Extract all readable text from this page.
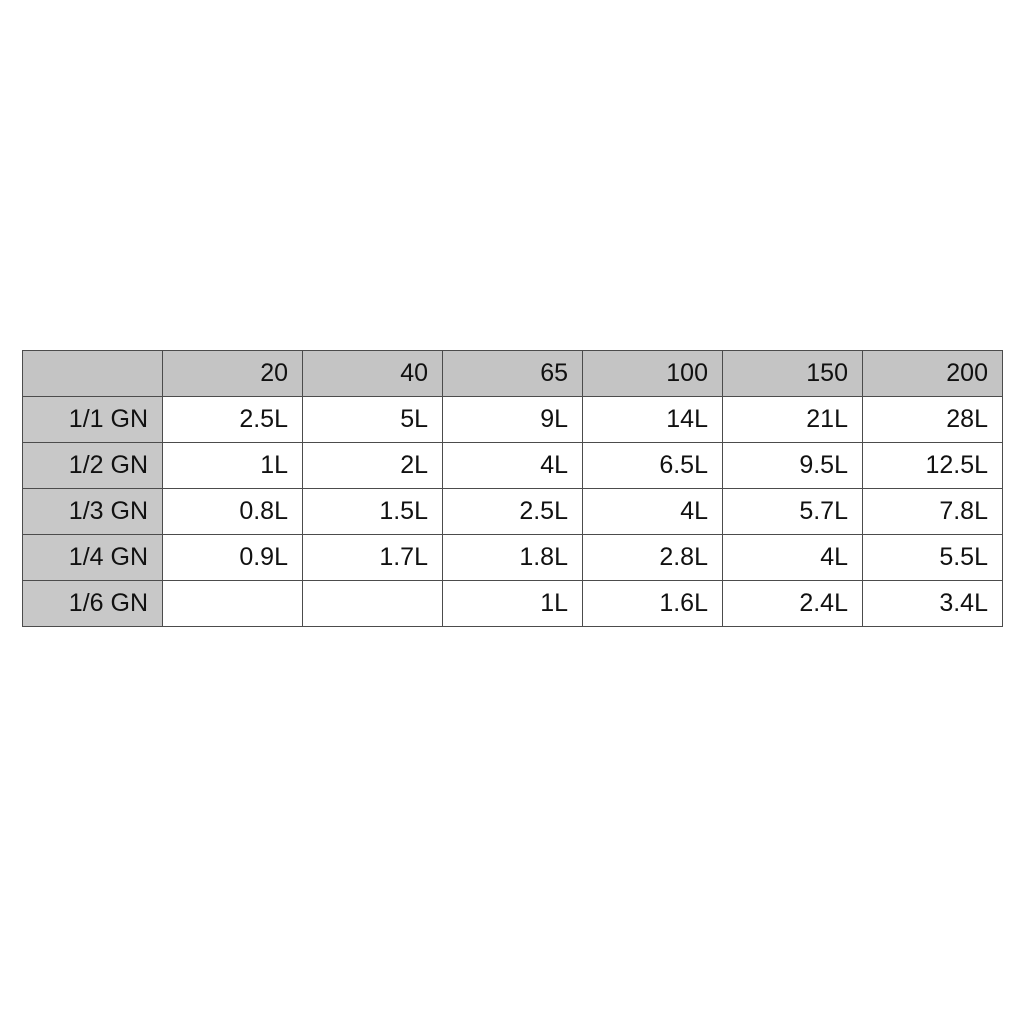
	20	40	65	100	150	200
1/1 GN	2.5L	5L	9L	14L	21L	28L
1/2 GN	1L	2L	4L	6.5L	9.5L	12.5L
1/3 GN	0.8L	1.5L	2.5L	4L	5.7L	7.8L
1/4 GN	0.9L	1.7L	1.8L	2.8L	4L	5.5L
1/6 GN			1L	1.6L	2.4L	3.4L
